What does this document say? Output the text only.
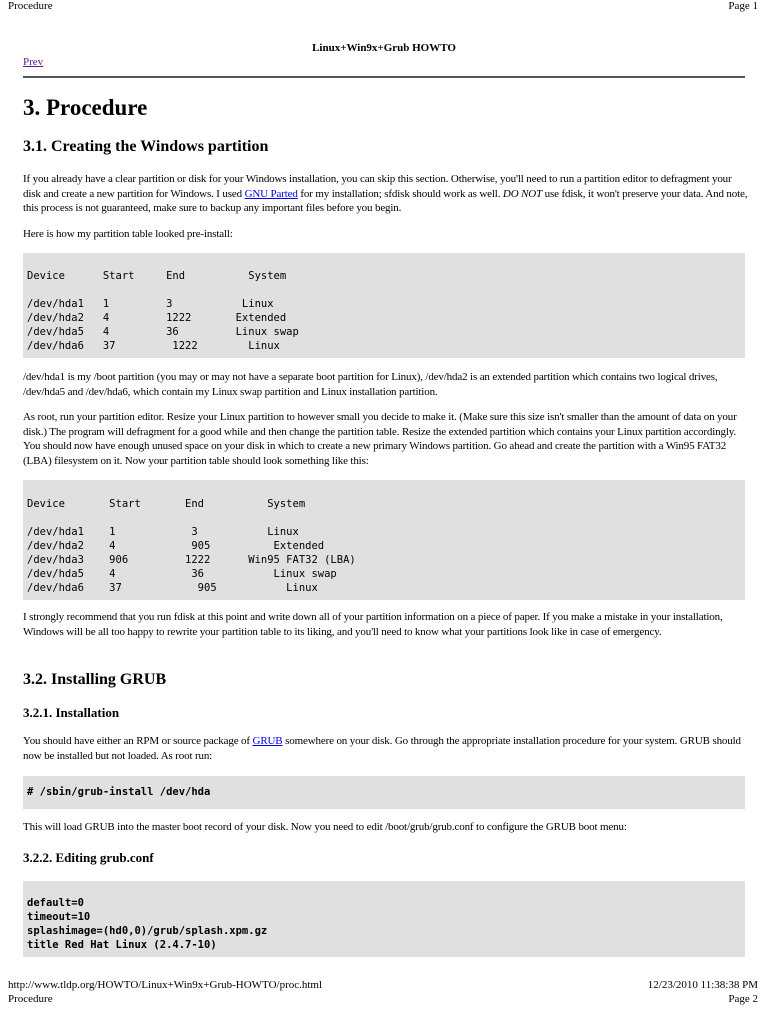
Procedure	Page 1
Linux+Win9x+Grub HOWTO
Prev
3. Procedure
3.1. Creating the Windows partition

If you already have a clear partition or disk for your Windows installation, you can skip this section. Otherwise, you'll need to run a partition editor to defragment your disk and create a new partition for Windows. I used GNU Parted for my installation; sfdisk should work as well. DO NOT use fdisk, it won't preserve your data. And note, this process is not guaranteed, make sure to backup any important files before you begin.

Here is how my partition table looked pre-install:

Device      Start     End          System

/dev/hda1   1         3           Linux
/dev/hda2   4         1222       Extended
/dev/hda5   4         36         Linux swap
/dev/hda6   37         1222        Linux

/dev/hda1 is my /boot partition (you may or may not have a separate boot partition for Linux), /dev/hda2 is an extended partition which contains two logical drives, /dev/hda5 and /dev/hda6, which contain my Linux swap partition and Linux installation partition.

As root, run your partition editor. Resize your Linux partition to however small you decide to make it. (Make sure this size isn't smaller than the amount of data on your disk.) The program will defragment for a good while and then change the partition table. Resize the extended partition which contains your Linux partition accordingly. You should now have enough unused space on your disk in which to create a new primary Windows partition. Go ahead and create the partition with a Win95 FAT32 (LBA) filesystem on it. Now your partition table should look something like this:

Device       Start       End          System

/dev/hda1    1            3           Linux
/dev/hda2    4            905          Extended
/dev/hda3    906         1222      Win95 FAT32 (LBA)
/dev/hda5    4            36           Linux swap
/dev/hda6    37            905           Linux

I strongly recommend that you run fdisk at this point and write down all of your partition information on a piece of paper. If you make a mistake in your installation, Windows will be all too happy to rewrite your partition table to its liking, and you'll need to know what your partitions look like in case of emergency.

3.2. Installing GRUB
3.2.1. Installation

You should have either an RPM or source package of GRUB somewhere on your disk. Go through the appropriate installation procedure for your system. GRUB should now be installed but not loaded. As root run:

# /sbin/grub-install /dev/hda

This will load GRUB into the master boot record of your disk. Now you need to edit /boot/grub/grub.conf to configure the GRUB boot menu:

3.2.2. Editing grub.conf
default=0
timeout=10
splashimage=(hd0,0)/grub/splash.xpm.gz
title Red Hat Linux (2.4.7-10)
http://www.tldp.org/HOWTO/Linux+Win9x+Grub-HOWTO/proc.html	12/23/2010 11:38:38 PM
Procedure	Page 2
